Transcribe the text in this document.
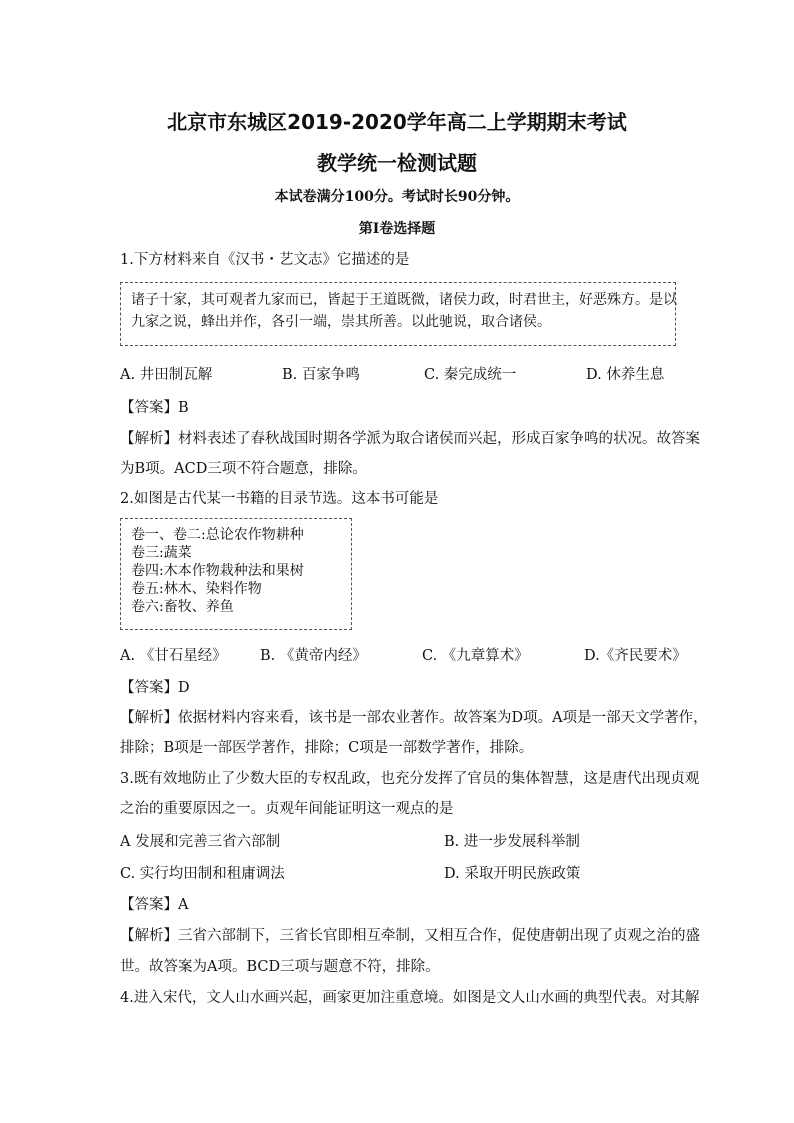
北京市东城区2019-2020学年高二上学期期末考试
教学统一检测试题
本试卷满分100分。考试时长90分钟。
第I卷选择题
1.下方材料来自《汉书・艺文志》它描述的是
诸子十家，其可观者九家而已，皆起于王道既微，诸侯力政，时君世主，好恶殊方。是以
九家之说，蜂出并作，各引一端，崇其所善。以此驰说，取合诸侯。
A. 井田制瓦解	B. 百家争鸣	C. 秦完成统一	D. 休养生息
【答案】B
【解析】材料表述了春秋战国时期各学派为取合诸侯而兴起，形成百家争鸣的状况。故答案
为B项。ACD三项不符合题意，排除。
2.如图是古代某一书籍的目录节选。这本书可能是
卷一、卷二:总论农作物耕种
卷三:蔬菜
卷四:木本作物栽种法和果树
卷五:林木、染料作物
卷六:畜牧、养鱼
A. 《甘石星经》 B. 《黄帝内经》	C. 《九章算术》	D.《齐民要术》
【答案】D
【解析】依据材料内容来看，该书是一部农业著作。故答案为D项。A项是一部天文学著作，
排除；B项是一部医学著作，排除；C项是一部数学著作，排除。
3.既有效地防止了少数大臣的专权乱政，也充分发挥了官员的集体智慧，这是唐代出现贞观
之治的重要原因之一。贞观年间能证明这一观点的是
A 发展和完善三省六部制	B. 进一步发展科举制
C. 实行均田制和租庸调法	D. 采取开明民族政策
【答案】A
【解析】三省六部制下，三省长官即相互牵制，又相互合作，促使唐朝出现了贞观之治的盛
世。故答案为A项。BCD三项与题意不符，排除。
4.进入宋代，文人山水画兴起，画家更加注重意境。如图是文人山水画的典型代表。对其解
